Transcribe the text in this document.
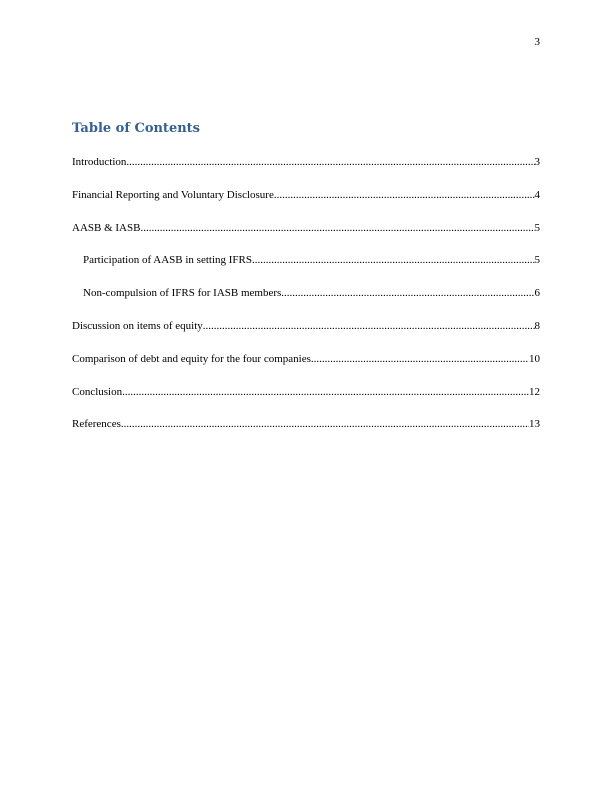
3
Table of Contents
Introduction .....	3
Financial Reporting and Voluntary Disclosure .....	4
AASB & IASB .....	5
Participation of AASB in setting IFRS .....	5
Non-compulsion of IFRS for IASB members .....	6
Discussion on items of equity .....	8
Comparison of debt and equity for the four companies .....	10
Conclusion .....	12
References .....	13
